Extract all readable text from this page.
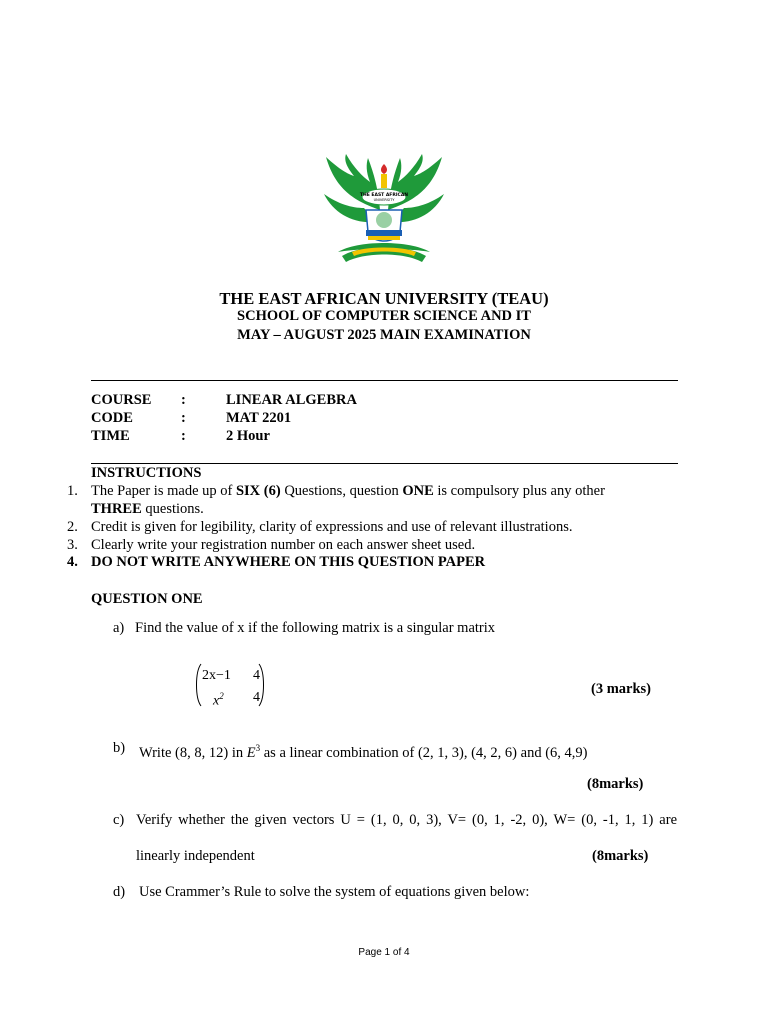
THE EAST AFRICAN
UNIVERSITY
THE EAST AFRICAN UNIVERSITY (TEAU)
SCHOOL OF COMPUTER SCIENCE AND IT
MAY – AUGUST 2025 MAIN EXAMINATION
COURSE :	LINEAR ALGEBRA
CODE	:	MAT 2201
TIME	:	2 Hour
INSTRUCTIONS
1. The Paper is made up of SIX (6) Questions, question ONE is compulsory plus any other
THREE questions.
2. Credit is given for legibility, clarity of expressions and use of relevant illustrations.
3. Clearly write your registration number on each answer sheet used.
4. DO NOT WRITE ANYWHERE ON THIS QUESTION PAPER
QUESTION ONE
a) Find the value of x if the following matrix is a singular matrix
2x−1 4
$x^2$ 4
(3 marks)
b) Write (8, 8, 12) in $E^3$ as a linear combination of (2, 1, 3), (4, 2, 6) and (6, 4,9)
(8marks)
c) Verify whether the given vectors U = (1, 0, 0, 3), V= (0, 1, -2, 0), W= (0, -1, 1, 1) are
linearly independent	(8marks)
d) Use Crammer’s Rule to solve the system of equations given below:
Page 1 of 4
